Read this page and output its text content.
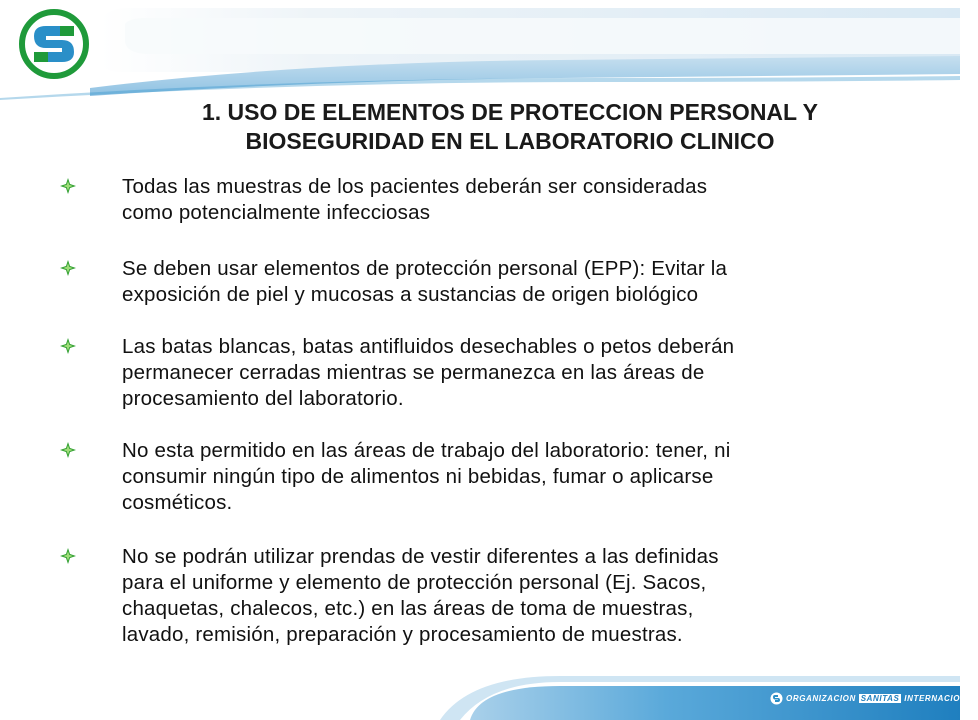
1. USO DE ELEMENTOS DE PROTECCION PERSONAL Y
BIOSEGURIDAD EN EL LABORATORIO CLINICO
Todas las muestras de los pacientes deberán ser consideradas
como potencialmente infecciosas
Se deben usar elementos de protección personal (EPP): Evitar la
exposición de piel y mucosas a sustancias de origen biológico
Las batas blancas, batas antifluidos desechables o petos deberán
permanecer cerradas mientras se permanezca en las áreas de
procesamiento del laboratorio.
No esta permitido en las áreas de trabajo del laboratorio: tener, ni
consumir ningún tipo de alimentos ni bebidas, fumar o aplicarse
cosméticos.
No se podrán utilizar prendas de vestir diferentes a las definidas
para el uniforme y elemento de protección personal (Ej. Sacos,
chaquetas, chalecos, etc.) en las áreas de toma de muestras,
lavado, remisión, preparación y procesamiento de muestras.
ORGANIZACION SANITAS INTERNACIONAL
